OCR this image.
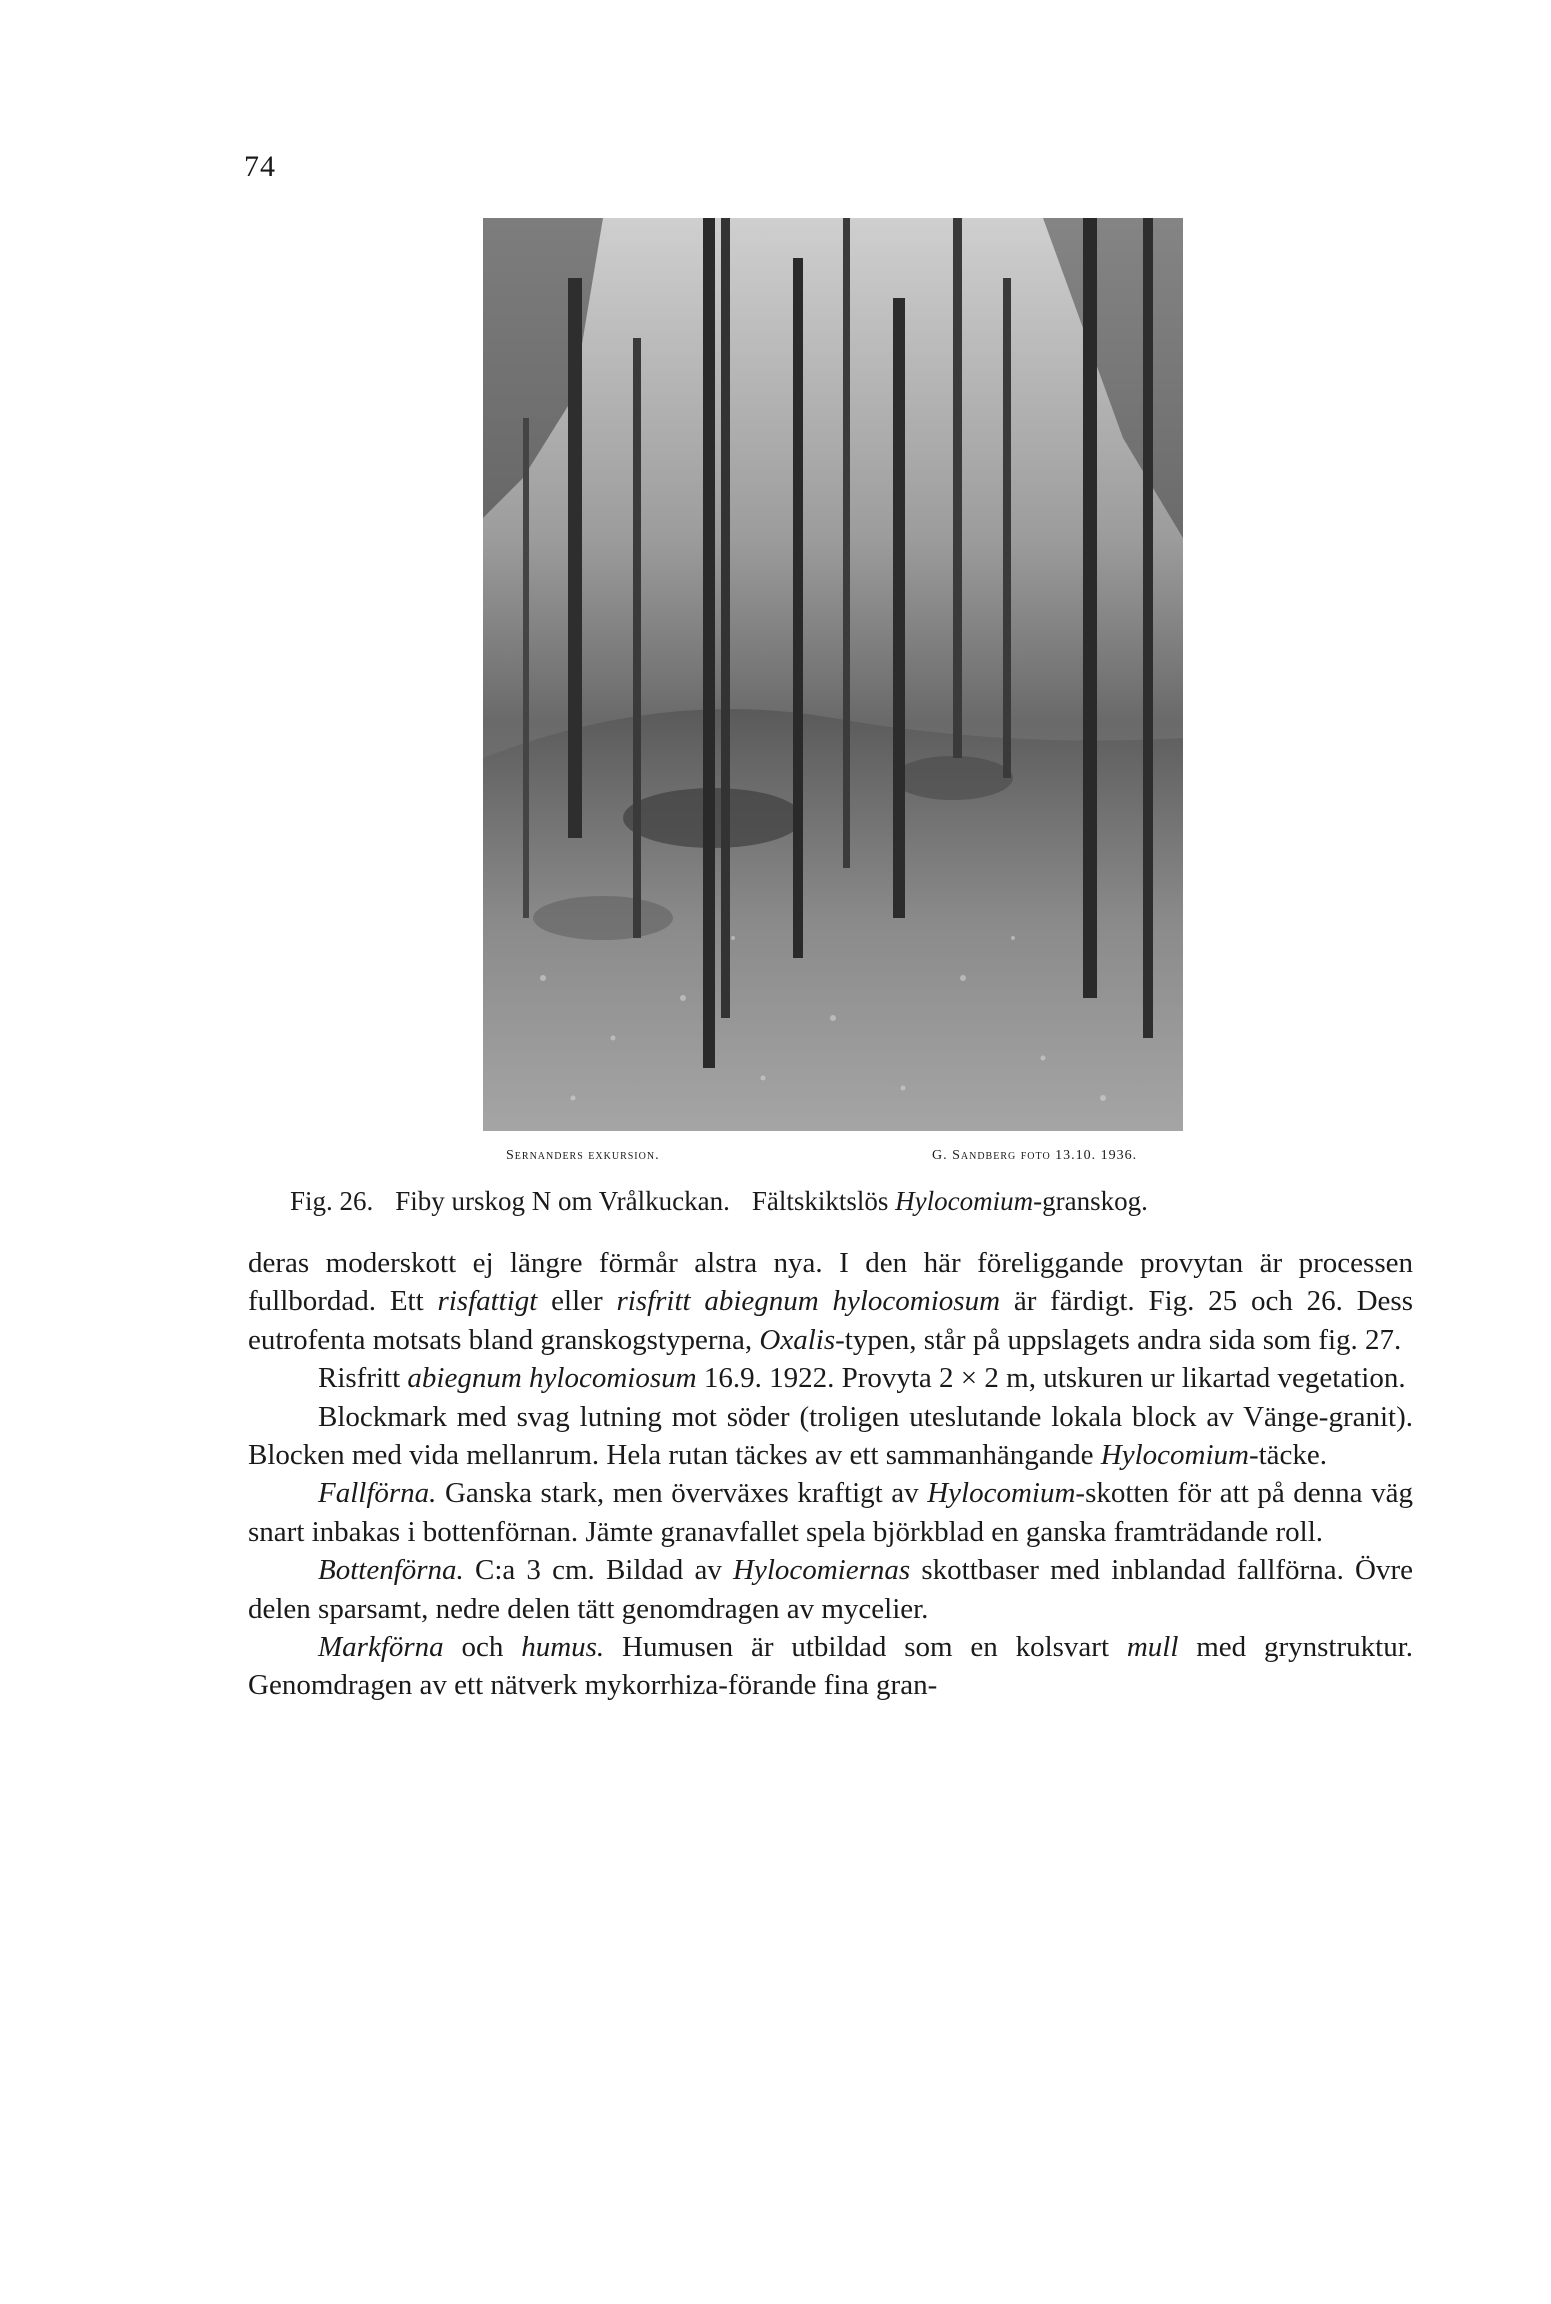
74
Sernanders exkursion.	G. Sandberg foto 13.10. 1936.
Fig. 26. Fiby urskog N om Vrålkuckan. Fältskiktslös Hylocomium-granskog.

deras moderskott ej längre förmår alstra nya. I den här föreliggande provytan är processen fullbordad. Ett risfattigt eller risfritt abiegnum hylocomiosum är färdigt. Fig. 25 och 26. Dess eutrofenta motsats bland granskogstyperna, Oxalis-typen, står på uppslagets andra sida som fig. 27.

Risfritt abiegnum hylocomiosum 16.9. 1922. Provyta 2 × 2 m, utskuren ur likartad vegetation.

Blockmark med svag lutning mot söder (troligen uteslutande lokala block av Vänge-granit). Blocken med vida mellanrum. Hela rutan täckes av ett sammanhängande Hylocomium-täcke.

Fallförna. Ganska stark, men överväxes kraftigt av Hylocomium-skotten för att på denna väg snart inbakas i bottenförnan. Jämte granavfallet spela björkblad en ganska framträdande roll.

Bottenförna. C:a 3 cm. Bildad av Hylocomiernas skottbaser med inblandad fallförna. Övre delen sparsamt, nedre delen tätt genomdragen av mycelier.

Markförna och humus. Humusen är utbildad som en kolsvart mull med grynstruktur. Genomdragen av ett nätverk mykorrhiza-förande fina gran-
